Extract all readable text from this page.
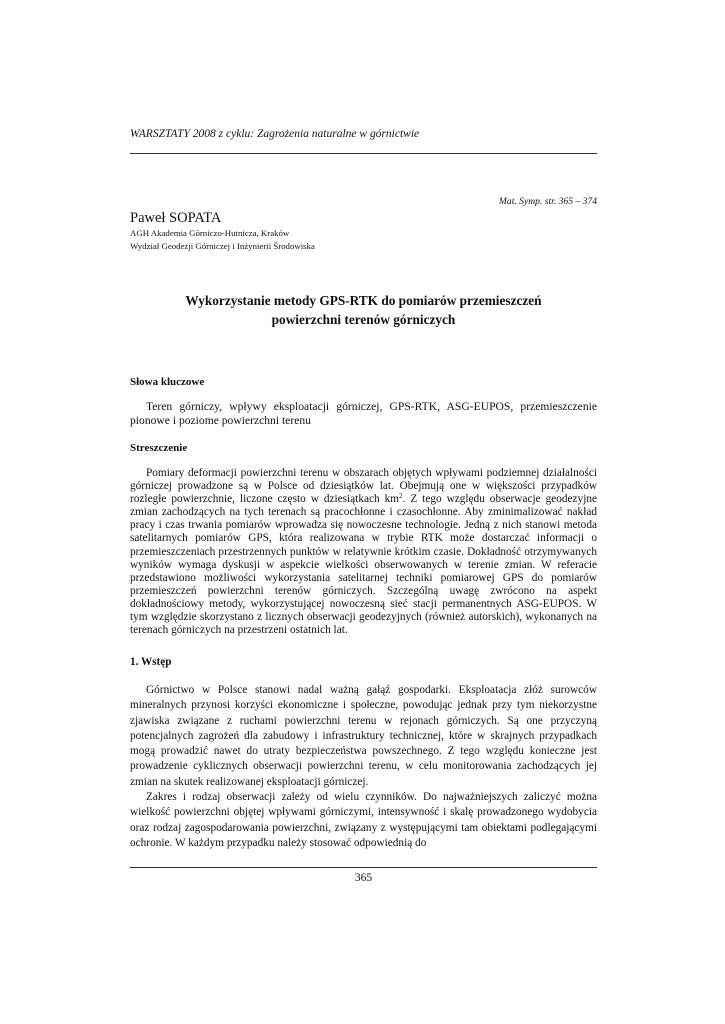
WARSZTATY 2008 z cyklu: Zagrożenia naturalne w górnictwie
Mat. Symp. str. 365 – 374
Paweł SOPATA
AGH Akademia Górniczo-Hutnicza, Kraków
Wydział Geodezji Górniczej i Inżynierii Środowiska
Wykorzystanie metody GPS-RTK do pomiarów przemieszczeń
powierzchni terenów górniczych
Słowa kluczowe
Teren górniczy, wpływy eksploatacji górniczej, GPS-RTK, ASG-EUPOS, przemieszczenie pionowe i poziome powierzchni terenu
Streszczenie
Pomiary deformacji powierzchni terenu w obszarach objętych wpływami podziemnej działalności górniczej prowadzone są w Polsce od dziesiątków lat. Obejmują one w większości przypadków rozległe powierzchnie, liczone często w dziesiątkach $km^2$. Z tego względu obserwacje geodezyjne zmian zachodzących na tych terenach są pracochłonne i czasochłonne. Aby zminimalizować nakład pracy i czas trwania pomiarów wprowadza się nowoczesne technologie. Jedną z nich stanowi metoda satelitarnych pomiarów GPS, która realizowana w trybie RTK może dostarczać informacji o przemieszczeniach przestrzennych punktów w relatywnie krótkim czasie. Dokładność otrzymywanych wyników wymaga dyskusji w aspekcie wielkości obserwowanych w terenie zmian. W referacie przedstawiono możliwości wykorzystania satelitarnej techniki pomiarowej GPS do pomiarów przemieszczeń powierzchni terenów górniczych. Szczególną uwagę zwrócono na aspekt dokładnościowy metody, wykorzystującej nowoczesną sieć stacji permanentnych ASG-EUPOS. W tym względzie skorzystano z licznych obserwacji geodezyjnych (również autorskich), wykonanych na terenach górniczych na przestrzeni ostatnich lat.
1. Wstęp

Górnictwo w Polsce stanowi nadal ważną gałąź gospodarki. Eksploatacja złóż surowców mineralnych przynosi korzyści ekonomiczne i społeczne, powodując jednak przy tym niekorzystne zjawiska związane z ruchami powierzchni terenu w rejonach górniczych. Są one przyczyną potencjalnych zagrożeń dla zabudowy i infrastruktury technicznej, które w skrajnych przypadkach mogą prowadzić nawet do utraty bezpieczeństwa powszechnego. Z tego względu konieczne jest prowadzenie cyklicznych obserwacji powierzchni terenu, w celu monitorowania zachodzących jej zmian na skutek realizowanej eksploatacji górniczej.

Zakres i rodzaj obserwacji zależy od wielu czynników. Do najważniejszych zaliczyć można wielkość powierzchni objętej wpływami górniczymi, intensywność i skalę prowadzonego wydobycia oraz rodzaj zagospodarowania powierzchni, związany z występującymi tam obiektami podlegającymi ochronie. W każdym przypadku należy stosować odpowiednią do

365
